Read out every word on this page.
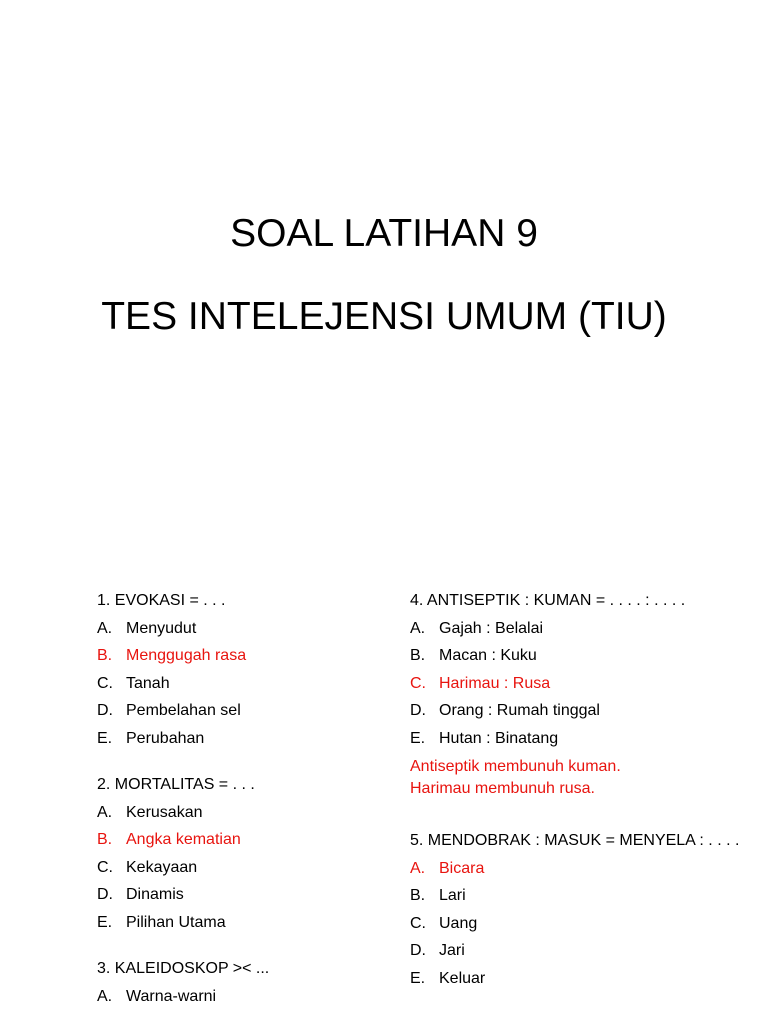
SOAL LATIHAN 9
TES INTELEJENSI UMUM (TIU)
1. EVOKASI = . . .
A. Menyudut
B. Menggugah rasa
C. Tanah
D. Pembelahan sel
E. Perubahan
2. MORTALITAS = . . .
A. Kerusakan
B. Angka kematian
C. Kekayaan
D. Dinamis
E. Pilihan Utama
3. KALEIDOSKOP >< ...
A. Warna-warni
4. ANTISEPTIK : KUMAN = . . . . : . . . .
A. Gajah : Belalai
B. Macan : Kuku
C. Harimau : Rusa
D. Orang : Rumah tinggal
E. Hutan : Binatang
Antiseptik membunuh kuman.
Harimau membunuh rusa.
5. MENDOBRAK : MASUK = MENYELA : . . . .
A. Bicara
B. Lari
C. Uang
D. Jari
E. Keluar
